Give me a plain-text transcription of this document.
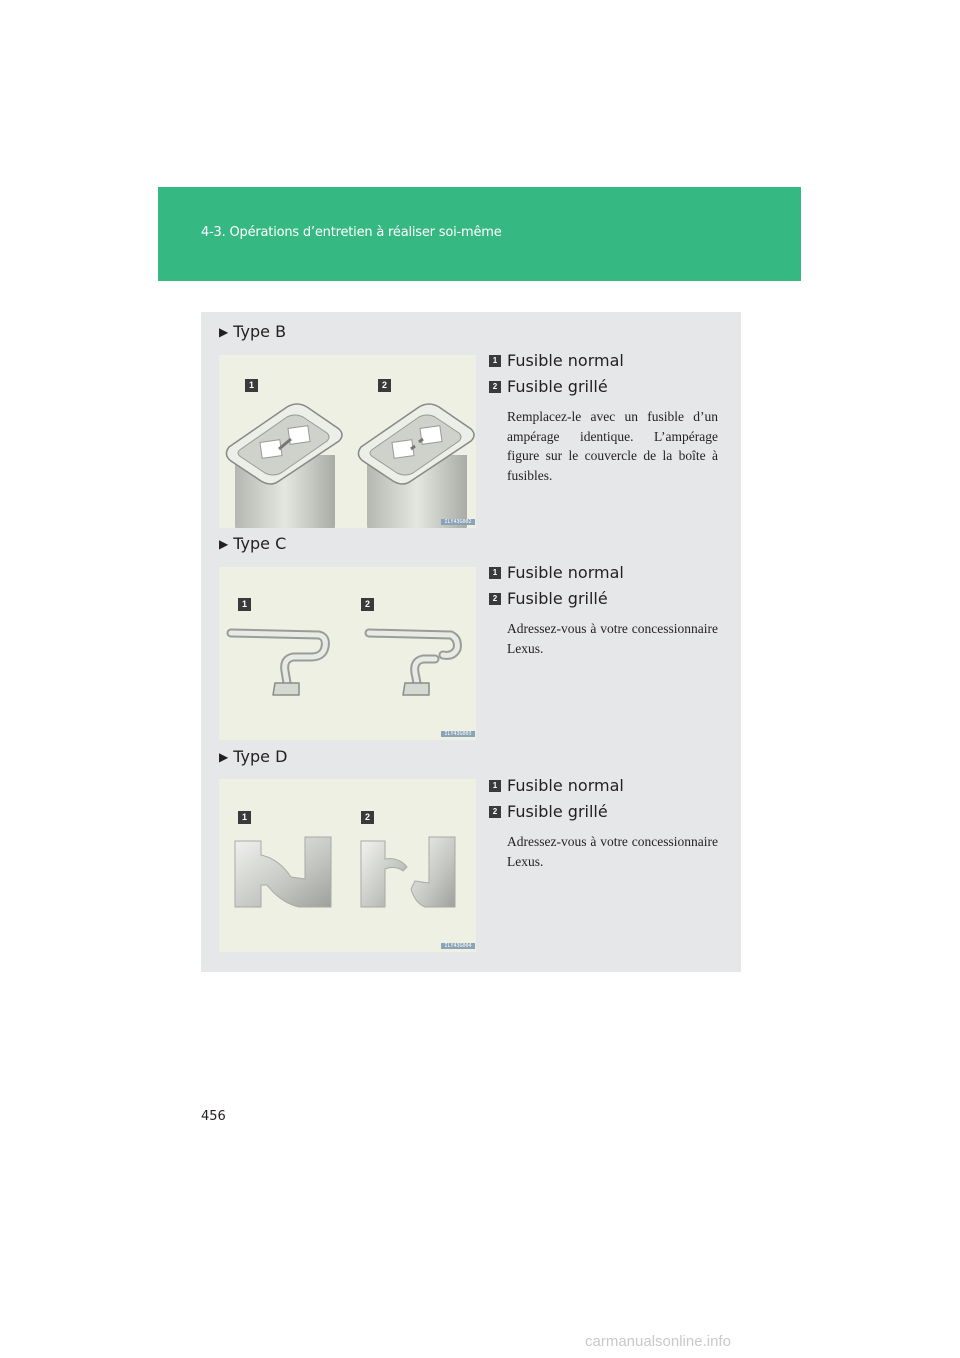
4-3. Opérations d’entretien à réaliser soi-même
▶ Type B
1	2
ILY43G002
1 Fusible normal
2 Fusible grillé
Remplacez-le avec un fusible d’un ampérage identique. L’ampérage figure sur le couvercle de la boîte à fusibles.
▶ Type C
1	2
ILY43G003
1 Fusible normal
2 Fusible grillé
Adressez-vous à votre concessionnaire Lexus.
▶ Type D
1	2
ILY43G004
1 Fusible normal
2 Fusible grillé
Adressez-vous à votre concessionnaire Lexus.
456
carmanualsonline.info
